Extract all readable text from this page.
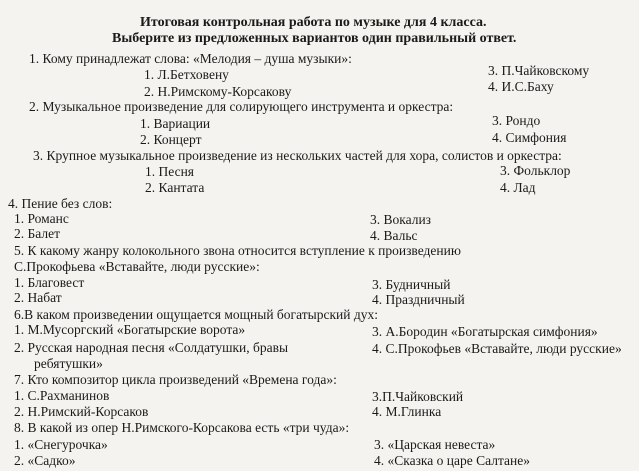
Итоговая контрольная работа по музыке для 4 класса.
Выберите из предложенных вариантов один правильный ответ.
1. Кому принадлежат слова: «Мелодия – душа музыки»:
1. Л.Бетховену
2. Н.Римскому-Корсакову
3. П.Чайковскому
4. И.С.Баху
2. Музыкальное произведение для солирующего инструмента и оркестра:
1. Вариации
2. Концерт
3. Рондо
4. Симфония
3. Крупное музыкальное произведение из нескольких частей для хора, солистов и оркестра:
1. Песня
2. Кантата
3. Фольклор
4. Лад
4. Пение без слов:
1. Романс
2. Балет
3. Вокализ
4. Вальс
5. К какому жанру колокольного звона относится вступление к произведению
С.Прокофьева «Вставайте, люди русские»:
1. Благовест
2. Набат
3. Будничный
4. Праздничный
6.В каком произведении ощущается мощный богатырский дух:
1. М.Мусоргский «Богатырские ворота»
2. Русская народная песня «Солдатушки, бравы
ребятушки»
3. А.Бородин «Богатырская симфония»
4. С.Прокофьев «Вставайте, люди русские»
7. Кто композитор цикла произведений «Времена года»:
1. С.Рахманинов
2. Н.Римский-Корсаков
3.П.Чайковский
4. М.Глинка
8. В какой из опер Н.Римского-Корсакова есть «три чуда»:
1. «Снегурочка»
2. «Садко»
3. «Царская невеста»
4. «Сказка о царе Салтане»
